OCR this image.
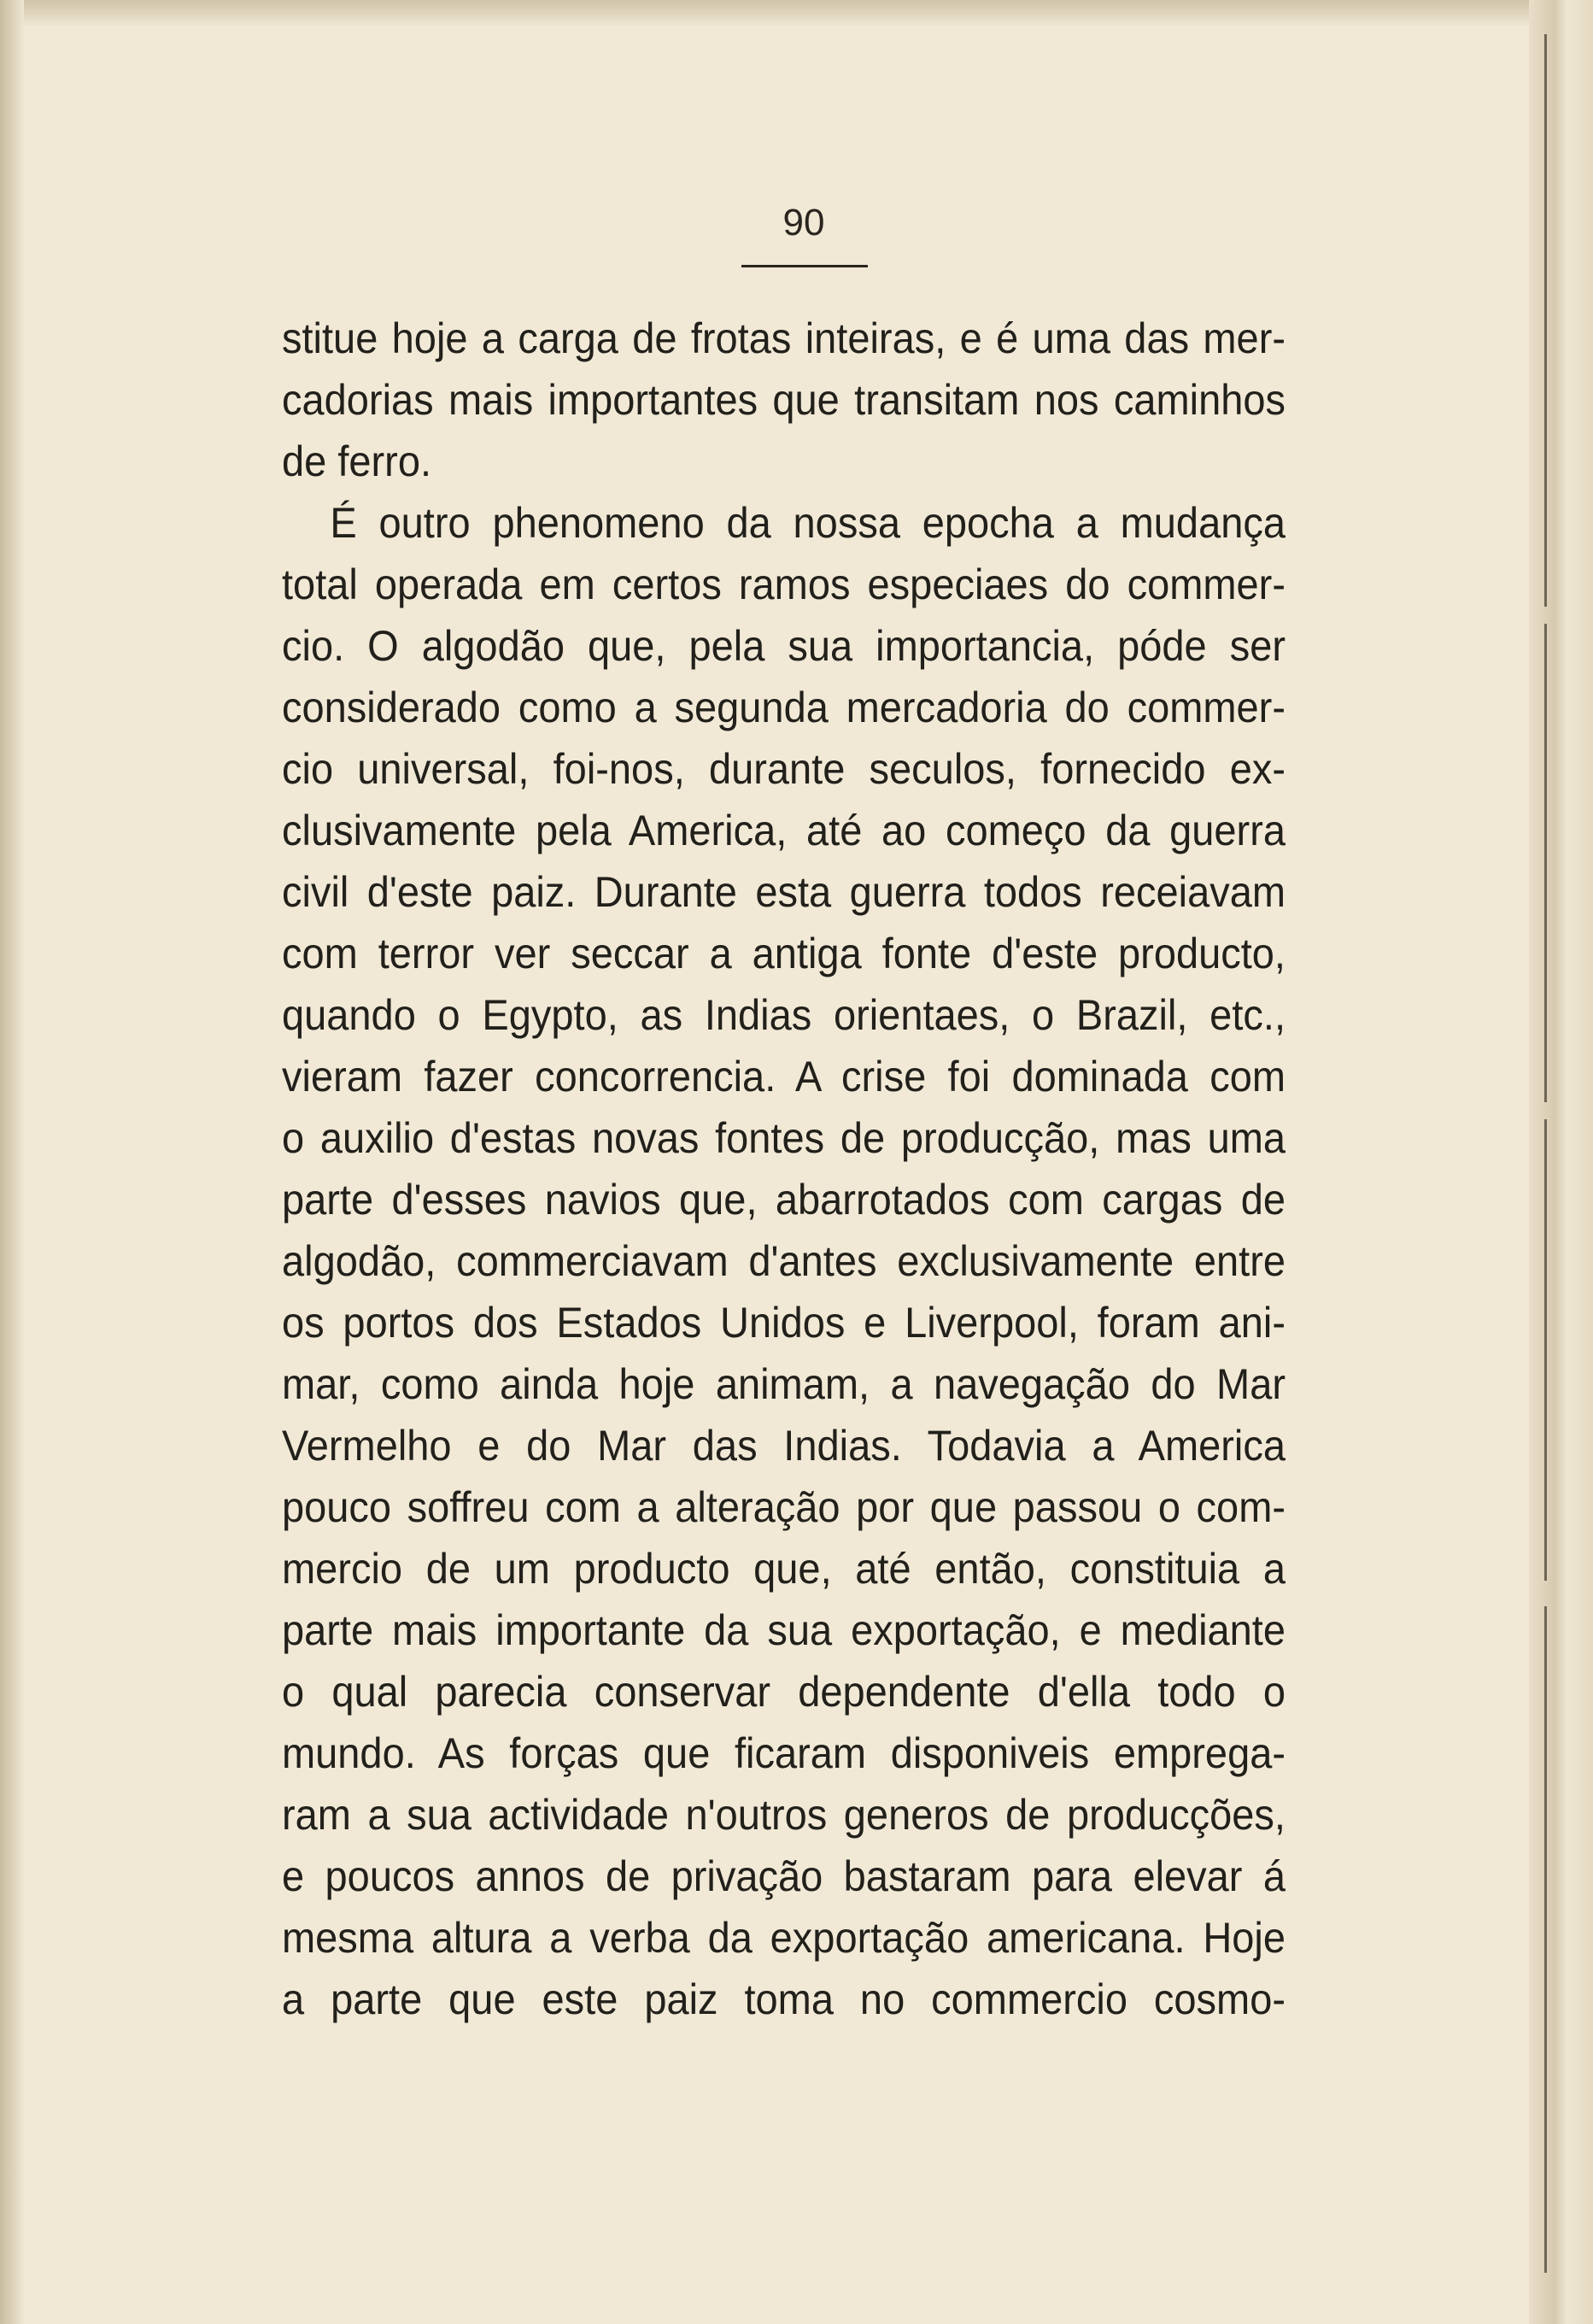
90
stitue hoje a carga de frotas inteiras, e é uma das mer-
cadorias mais importantes que transitam nos caminhos
de ferro.
É outro phenomeno da nossa epocha a mudança
total operada em certos ramos especiaes do commer-
cio. O algodão que, pela sua importancia, póde ser
considerado como a segunda mercadoria do commer-
cio universal, foi-nos, durante seculos, fornecido ex-
clusivamente pela America, até ao começo da guerra
civil d'este paiz. Durante esta guerra todos receiavam
com terror ver seccar a antiga fonte d'este producto,
quando o Egypto, as Indias orientaes, o Brazil, etc.,
vieram fazer concorrencia. A crise foi dominada com
o auxilio d'estas novas fontes de producção, mas uma
parte d'esses navios que, abarrotados com cargas de
algodão, commerciavam d'antes exclusivamente entre
os portos dos Estados Unidos e Liverpool, foram ani-
mar, como ainda hoje animam, a navegação do Mar
Vermelho e do Mar das Indias. Todavia a America
pouco soffreu com a alteração por que passou o com-
mercio de um producto que, até então, constituia a
parte mais importante da sua exportação, e mediante
o qual parecia conservar dependente d'ella todo o
mundo. As forças que ficaram disponiveis emprega-
ram a sua actividade n'outros generos de producções,
e poucos annos de privação bastaram para elevar á
mesma altura a verba da exportação americana. Hoje
a parte que este paiz toma no commercio cosmo-
